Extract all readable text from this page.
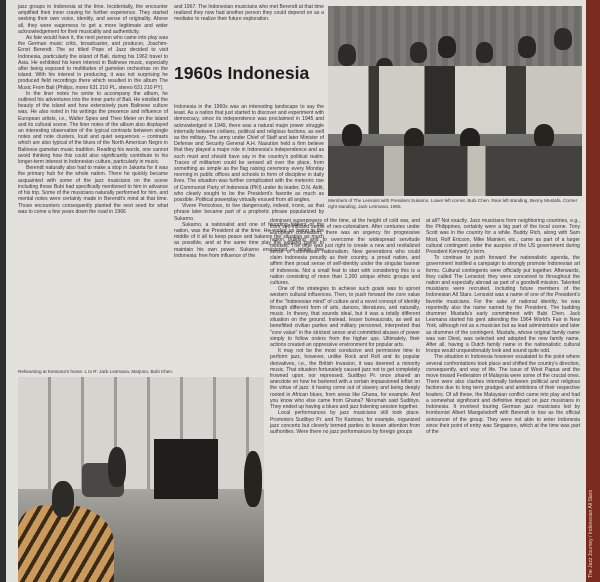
jazz groups in Indonesia at the time. Incidentally, the encounter amplified their inner craving for further experience. They started seeking their own voice, identity, and sense of originality. Above all, they were eagerness to get a more legitimate and wider acknowledgement for their musicality and authenticity.

As fate would have it, the next person who came into play was the German music critic, broadcaster, and producer, Joachim-Ernst Berendt. The so titled Pope of Jazz decided to visit Indonesia, particularly the island of Bali, during his 1962 travel to Asia. He exhibited his keen interest in Balinese music, especially after being exposed to multitudes of gamelan orchestras on the island. With his interest in producing, it was not surprising he produced field recordings there which resulted in the album The Music From Bali (Philips, mono 631 210 PL, stereo 631 210 PY).

In the liner notes he wrote to accompany the album, he outlined his adventures into the inner parts of Bali. He extolled the beauty of the island and how extensively pure Balinese culture was. He also noted in his writings the presence and influence of European artists, i.e., Walter Spies and Theo Meier on the island and its cultural scene. The liner notes of the album also displayed an interesting observation of the typical contrasts between single notes and note clusters, loud and quiet sequences – contrasts which are also typical of the blues of the North American Negro in Balinese gamelan music tradition. Reading his words, one cannot avoid thinking how this could also significantly contribute to his longer-term interest in Indonesian culture, particularly in music.

Berendt naturally also had to make a stop in Jakarta for it was the primary hub for the whole nation. There he quickly became acquainted with some of the jazz musicians on the scene including those Bubi had specifically mentioned to him in advance of his trip. Some of the musicians naturally performed for him, and mental notes were certainly made in Berendt's mind at that time. Those encounters consequently planted the next seed for what was to come a few years down the road in 1966

and 1967. The Indonesian musicians who met Berendt at that time realized they now had another person they could depend on as a mediator to realize their future exploration.

1960s Indonesia

Indonesia in the 1960s was an interesting landscape to say the least. As a nation that just started to discover and experiment with democracy, since its independence was proclaimed in 1945 and acknowledged in 1949, there was a natural major power struggle internally between civilians, political and religious factions, as well as the military. The army under Chief of Staff and later Minister of Defense and Security General A.H. Nasution held a firm believe that they played a major role in Indonesia's independence and as such must and should have say in the country's political realm. Traces of militarism could be sensed all over the place, from something as simple as the flag raising ceremony every Monday morning in public offices and schools to form of discipline in daily lives. The situation was further complicated with the meteoric rise of Communist Party of Indonesia (PKI) under its leader, D.N. Aidit, who clearly sought to be the President's favorite as much as possible. Political powerplay virtually ensued from all angles.

Vivere Pericoloso, to live dangerously, indeed, ironic, as that phrase later became part of a prophetic phrase popularized by Sukarno.

Sukarno, a nationalist and one of founding fathers of the nation, was the President at the time. He ended up being in the middle of it all to keep peace and balance the situation as much as possible, and at the same time play the juggling game to maintain his own power. Sukarno envisioned a totally free Indonesia: free from influence of the

Members of The Lensoist with President Sukarno. Lower left corner, Bubi Chen. Rear left standing, Benny Mustafa. Corner right standing, Jack Lesmana, 1965.

dominant superpowers of the time, at the height of cold war, and from self-inflicted sense of neo-colonialism. After centuries under European colonialism, there was an urgency for progressive nation building and to overcome the widespread servitude mindset. The time was just right to create a new and revitalized sense of Indonesian nationalism. New generations who could claim Indonesia proudly as their country, a proud nation, and affirm their proud sense of self-identity under the singular banner of Indonesia. Not a small feat to start with considering this is a nation consisting of more than 1,300 unique ethnic groups and cultures.

One of the strategies to achieve such goals was to uproot western cultural influences. Then, to push forward the core value of the "Indonesian mind" of culture and a novel concept of identity through different form of arts, dances, literatures, and naturally, music. In theory, that sounds ideal, but it was a totally different situation on the ground. Instead, lesser bureaucrats, as well as benefitted civilian parties and military personnel, interpreted that "core value" in the strictest sense and committed abuses of power simply to follow orders from the higher ups. Ultimately, their actions created an oppressive environment for popular arts.

It may not be the most conducive and permissive time to perform jazz, however, unlike Rock and Roll and its popular derivatives, i.e., the British Invasion, it was deemed a minority music. That situation fortunately caused jazz not to get completely frowned upon, nor repressed. Sudibyo Pr. once shared an anecdote on how he bartered with a certain impassioned leftist on the virtue of jazz: it having come out of slavery and being deeply rooted in African blues, from areas like Ghana, for example. And you know who else came from Ghana? Nkrumah said Sudibyo. They ended up having a blues and jazz listening session together.

Local performances by jazz musicians still took place. Promoters Sudibyo Pr. and Tin Kantoso, for example, organized jazz concerts but cleverly termed parties to lessen attention from authorities. Were there no jazz performances by foreign groups

at all? Not exactly. Jazz musicians from neighboring countries, e.g., the Philippines, certainly were a big part of the local scene. Tony Scott was in the country for a while. Buddy Rich, along with Sam Most, Rolf Ericson, Mike Mainieri, etc., came as part of a larger cultural contingent under the auspice of the US government during President Kennedy's term.

To continue to push forward the nationalistic agenda, the government instilled a campaign to strongly promote Indonesian art forms. Cultural contingents were officially put together. Afterwards, they called The Lensoist; they were conceived to throughout the nation and especially abroad as part of a goodwill mission. Talented musicians were recruited, including future members of the Indonesian All Stars. Lensoist was a name of one of the President's favorite musicians. For the sake of national identity, he was reportedly also the name named by the President. The budding drummer Mustafa's early commitment with Bubi Chen. Jack Lesmana started his gent attending the 1964 World's Fair in New York, although not as a musician but as lead administrator and later as drummer of the contingent. Mustafa, whose original family name was van Diest, was selected and adopted the new family name. After all, having a Dutch family name in the nationalistic cultural troops would unquestionably look and sound quite odd.

The situation in Indonesia however escalated to the point where several confrontations took place and shifted the country's direction, consequently, and way of life. The issue of West Papua and the move toward Federation of Malaysia were some of the crucial ones. There were also clashes internally between political and religious factions due to long term grudges and ambitions of their respective leaders. Of all these, the Malaysian conflict came into play and had a somewhat significant and definitive impact on jazz musicians in Indonesia. It involved touring German jazz musicians led by trombonist Albert Mangelsdorff with Berendt in tow as the official announcer of the group. They were not able to enter Indonesia since their point of entry was Singapore, which at the time was part of the

Rehearsing at Kensono's home. L to R: Jack Lesmana, Marjono, Bubi Chen.
The Jazz Journey / Indonesian All Stars
